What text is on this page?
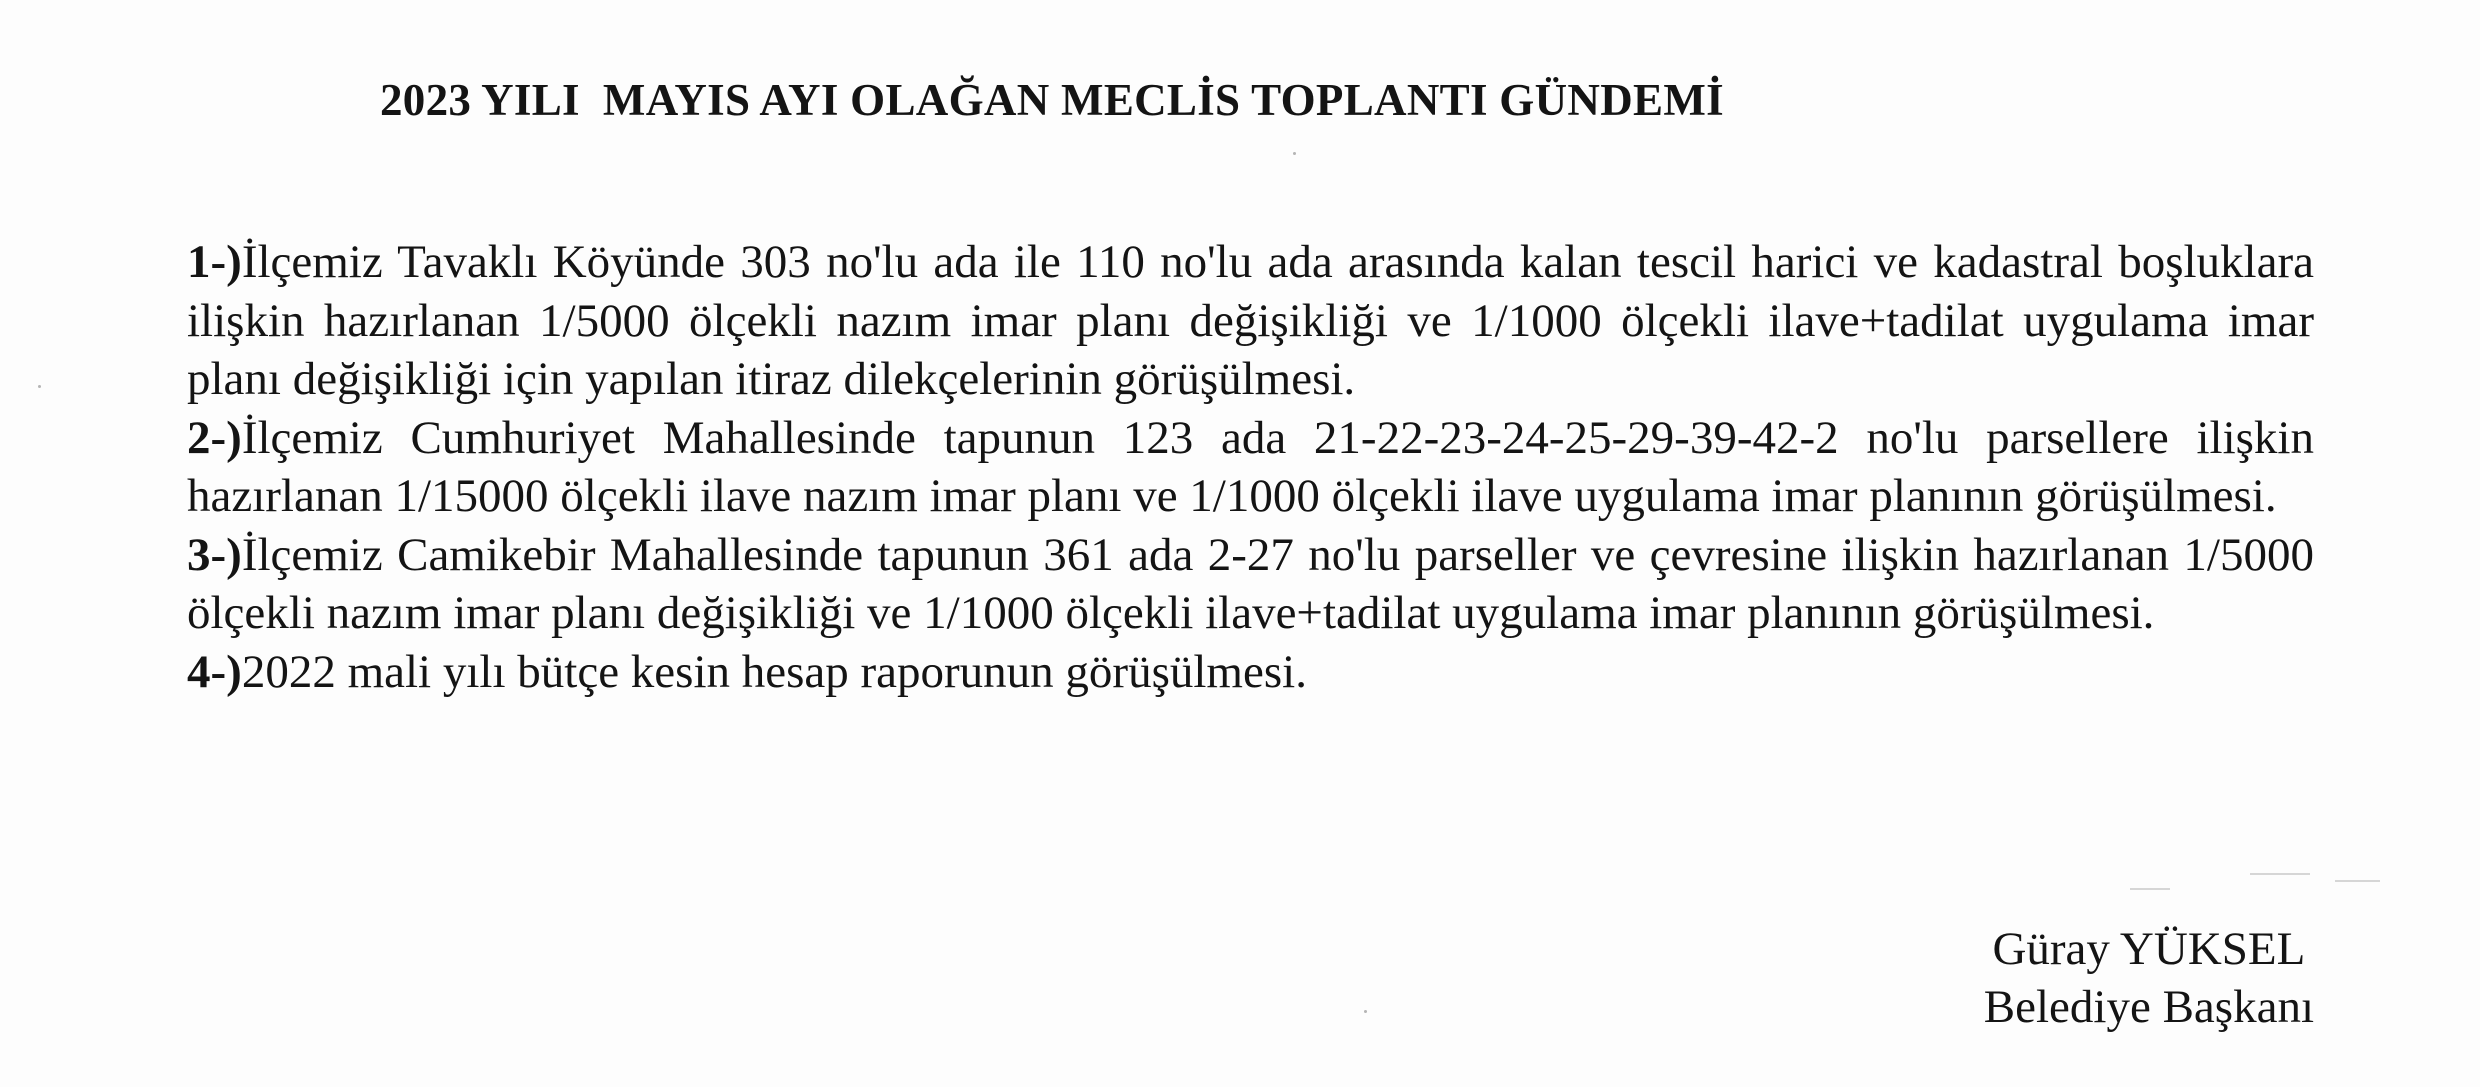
2023 YILI  MAYIS AYI OLAĞAN MECLİS TOPLANTI GÜNDEMİ

1-)İlçemiz Tavaklı Köyünde 303 no'lu ada ile 110 no'lu ada arasında kalan tescil harici ve kadastral boşluklara ilişkin hazırlanan 1/5000 ölçekli nazım imar planı değişikliği ve 1/1000 ölçekli ilave+tadilat uygulama imar planı değişikliği için yapılan itiraz dilekçelerinin görüşülmesi.

2-)İlçemiz Cumhuriyet Mahallesinde tapunun 123 ada 21-22-23-24-25-29-39-42-2 no'lu parsellere ilişkin hazırlanan 1/15000 ölçekli ilave nazım imar planı ve 1/1000 ölçekli ilave uygulama imar planının görüşülmesi.

3-)İlçemiz Camikebir Mahallesinde tapunun 361 ada 2-27 no'lu parseller ve çevresine ilişkin hazırlanan 1/5000 ölçekli nazım imar planı değişikliği ve 1/1000 ölçekli ilave+tadilat uygulama imar planının görüşülmesi.

4-)2022 mali yılı bütçe kesin hesap raporunun görüşülmesi.

Güray YÜKSEL
Belediye Başkanı
